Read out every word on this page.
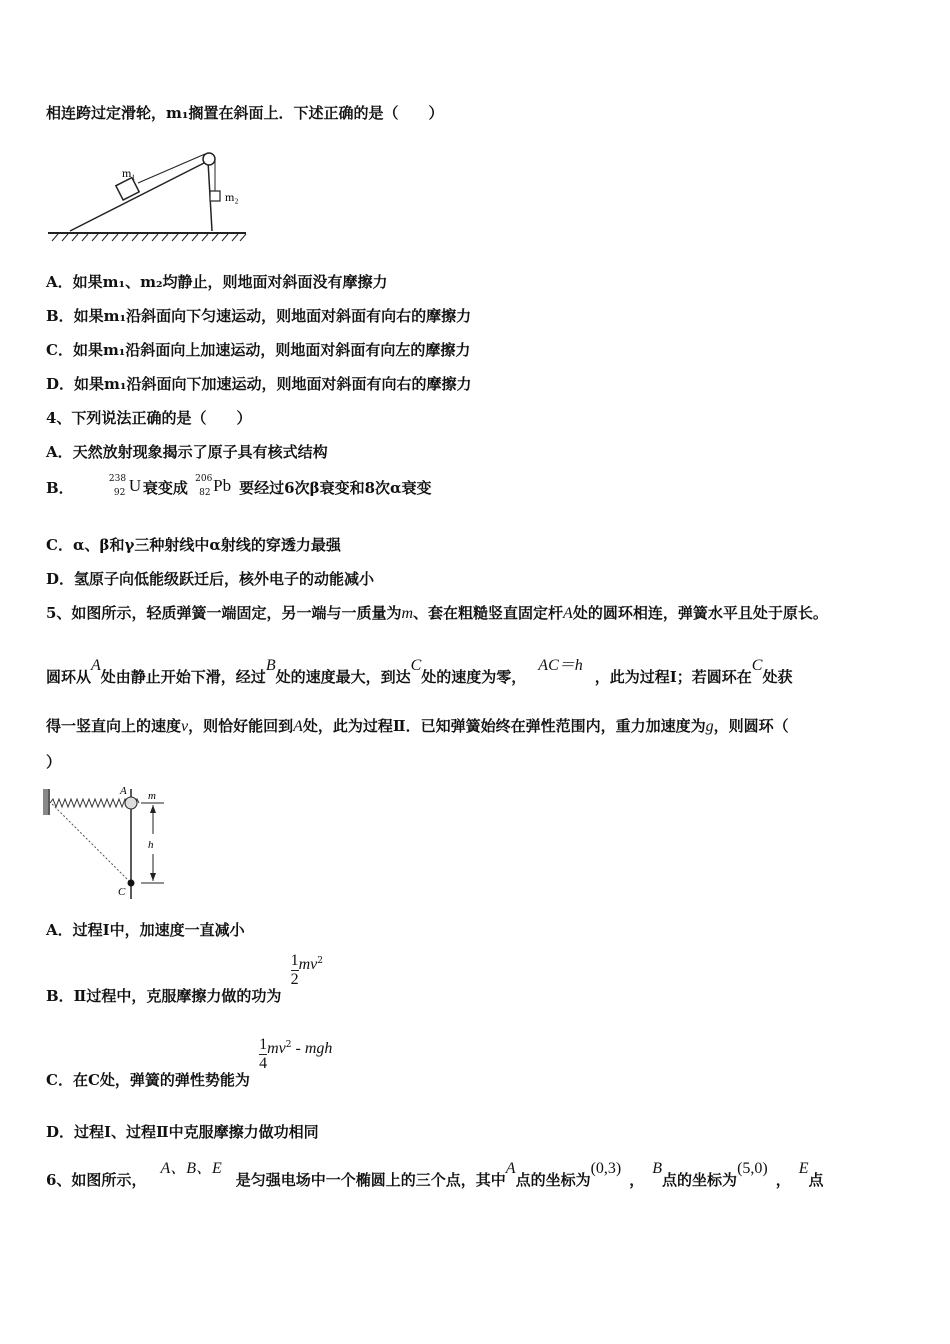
相连跨过定滑轮，m₁搁置在斜面上．下述正确的是（　　）
m₁
m₂
A．如果m₁、m₂均静止，则地面对斜面没有摩擦力
B．如果m₁沿斜面向下匀速运动，则地面对斜面有向右的摩擦力
C．如果m₁沿斜面向上加速运动，则地面对斜面有向左的摩擦力
D．如果m₁沿斜面向下加速运动，则地面对斜面有向右的摩擦力
4、下列说法正确的是（　　）
A．天然放射现象揭示了原子具有核式结构
B．	238
92 U 衰变成 206
82 Pb 要经过6次β衰变和8次α衰变
C．α、β和γ三种射线中α射线的穿透力最强
D．氢原子向低能级跃迁后，核外电子的动能减小
5、如图所示，轻质弹簧一端固定，另一端与一质量为m、套在粗糙竖直固定杆A处的圆环相连，弹簧水平且处于原长。
圆环从A处由静止开始下滑，经过B处的速度最大，到达C处的速度为零，AC＝h，此为过程Ⅰ；若圆环在C处获
得一竖直向上的速度v，则恰好能回到A处，此为过程Ⅱ．已知弹簧始终在弹性范围内，重力加速度为g，则圆环（
）
A m
h
C
A．过程Ⅰ中，加速度一直减小
B．Ⅱ过程中，克服摩擦力做的功为
$\frac{1}{2} mv^2$
C．在C处，弹簧的弹性势能为
$\frac{1}{4} mv^2$ - mgh
D．过程Ⅰ、过程Ⅱ中克服摩擦力做功相同
6、如图所示，A、B、E是匀强电场中一个椭圆上的三个点，其中A点的坐标为(0,3)，B点的坐标为(5,0)，E点
